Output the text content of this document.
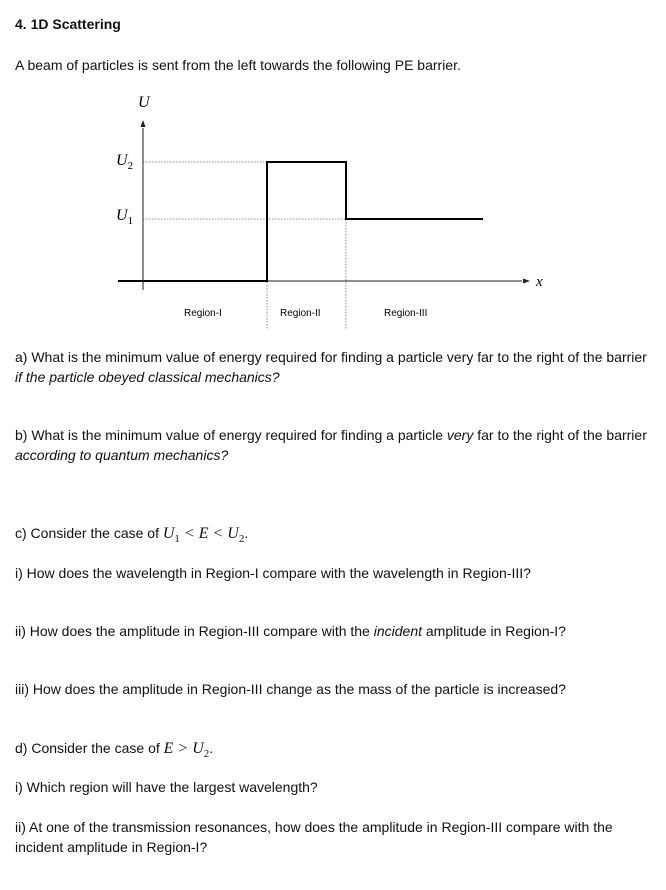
4. 1D Scattering
A beam of particles is sent from the left towards the following PE barrier.
U
x
$U_2$
$U_1$
Region-I	Region-II	Region-III
a) What is the minimum value of energy required for finding a particle very far to the right of the barrier if the particle obeyed classical mechanics?
b) What is the minimum value of energy required for finding a particle very far to the right of the barrier according to quantum mechanics?
c) Consider the case of $U_1 < E < U_2$.
i) How does the wavelength in Region-I compare with the wavelength in Region-III?
ii) How does the amplitude in Region-III compare with the incident amplitude in Region-I?
iii) How does the amplitude in Region-III change as the mass of the particle is increased?
d) Consider the case of $E > U_2$.
i) Which region will have the largest wavelength?
ii) At one of the transmission resonances, how does the amplitude in Region-III compare with the incident amplitude in Region-I?
